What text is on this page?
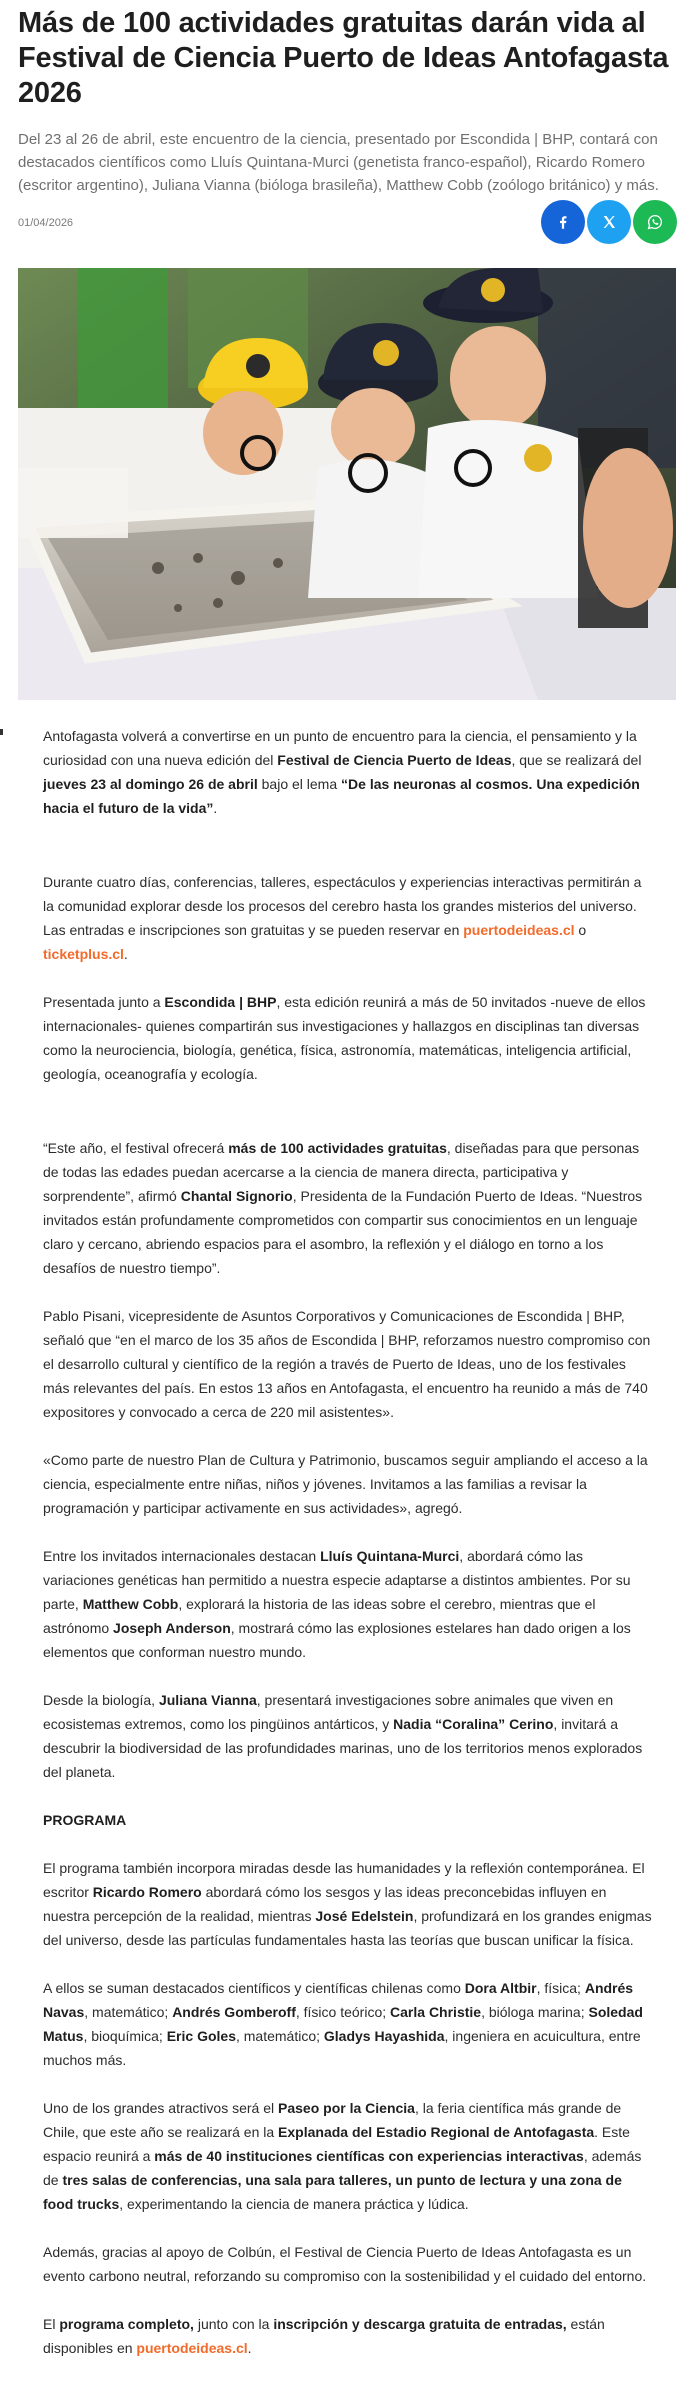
Más de 100 actividades gratuitas darán vida al Festival de Ciencia Puerto de Ideas Antofagasta 2026

Del 23 al 26 de abril, este encuentro de la ciencia, presentado por Escondida | BHP, contará con destacados científicos como Lluís Quintana-Murci (genetista franco-español), Ricardo Romero (escritor argentino), Juliana Vianna (bióloga brasileña), Matthew Cobb (zoólogo británico) y más.

01/04/2026

Antofagasta volverá a convertirse en un punto de encuentro para la ciencia, el pensamiento y la curiosidad con una nueva edición del Festival de Ciencia Puerto de Ideas, que se realizará del jueves 23 al domingo 26 de abril bajo el lema “De las neuronas al cosmos. Una expedición hacia el futuro de la vida”.

Durante cuatro días, conferencias, talleres, espectáculos y experiencias interactivas permitirán a la comunidad explorar desde los procesos del cerebro hasta los grandes misterios del universo. Las entradas e inscripciones son gratuitas y se pueden reservar en puertodeideas.cl o ticketplus.cl.

Presentada junto a Escondida | BHP, esta edición reunirá a más de 50 invitados -nueve de ellos internacionales- quienes compartirán sus investigaciones y hallazgos en disciplinas tan diversas como la neurociencia, biología, genética, física, astronomía, matemáticas, inteligencia artificial, geología, oceanografía y ecología.

“Este año, el festival ofrecerá más de 100 actividades gratuitas, diseñadas para que personas de todas las edades puedan acercarse a la ciencia de manera directa, participativa y sorprendente”, afirmó Chantal Signorio, Presidenta de la Fundación Puerto de Ideas. “Nuestros invitados están profundamente comprometidos con compartir sus conocimientos en un lenguaje claro y cercano, abriendo espacios para el asombro, la reflexión y el diálogo en torno a los desafíos de nuestro tiempo”.

Pablo Pisani, vicepresidente de Asuntos Corporativos y Comunicaciones de Escondida | BHP, señaló que “en el marco de los 35 años de Escondida | BHP, reforzamos nuestro compromiso con el desarrollo cultural y científico de la región a través de Puerto de Ideas, uno de los festivales más relevantes del país. En estos 13 años en Antofagasta, el encuentro ha reunido a más de 740 expositores y convocado a cerca de 220 mil asistentes».

«Como parte de nuestro Plan de Cultura y Patrimonio, buscamos seguir ampliando el acceso a la ciencia, especialmente entre niñas, niños y jóvenes. Invitamos a las familias a revisar la programación y participar activamente en sus actividades», agregó.

Entre los invitados internacionales destacan Lluís Quintana-Murci, abordará cómo las variaciones genéticas han permitido a nuestra especie adaptarse a distintos ambientes. Por su parte, Matthew Cobb, explorará la historia de las ideas sobre el cerebro, mientras que el astrónomo Joseph Anderson, mostrará cómo las explosiones estelares han dado origen a los elementos que conforman nuestro mundo.

Desde la biología, Juliana Vianna, presentará investigaciones sobre animales que viven en ecosistemas extremos, como los pingüinos antárticos, y Nadia “Coralina” Cerino, invitará a descubrir la biodiversidad de las profundidades marinas, uno de los territorios menos explorados del planeta.

PROGRAMA

El programa también incorpora miradas desde las humanidades y la reflexión contemporánea. El escritor Ricardo Romero abordará cómo los sesgos y las ideas preconcebidas influyen en nuestra percepción de la realidad, mientras José Edelstein, profundizará en los grandes enigmas del universo, desde las partículas fundamentales hasta las teorías que buscan unificar la física.

A ellos se suman destacados científicos y científicas chilenas como Dora Altbir, física; Andrés Navas, matemático; Andrés Gomberoff, físico teórico; Carla Christie, bióloga marina; Soledad Matus, bioquímica; Eric Goles, matemático; Gladys Hayashida, ingeniera en acuicultura, entre muchos más.

Uno de los grandes atractivos será el Paseo por la Ciencia, la feria científica más grande de Chile, que este año se realizará en la Explanada del Estadio Regional de Antofagasta. Este espacio reunirá a más de 40 instituciones científicas con experiencias interactivas, además de tres salas de conferencias, una sala para talleres, un punto de lectura y una zona de food trucks, experimentando la ciencia de manera práctica y lúdica.

Además, gracias al apoyo de Colbún, el Festival de Ciencia Puerto de Ideas Antofagasta es un evento carbono neutral, reforzando su compromiso con la sostenibilidad y el cuidado del entorno.

El programa completo, junto con la inscripción y descarga gratuita de entradas, están disponibles en puertodeideas.cl.
